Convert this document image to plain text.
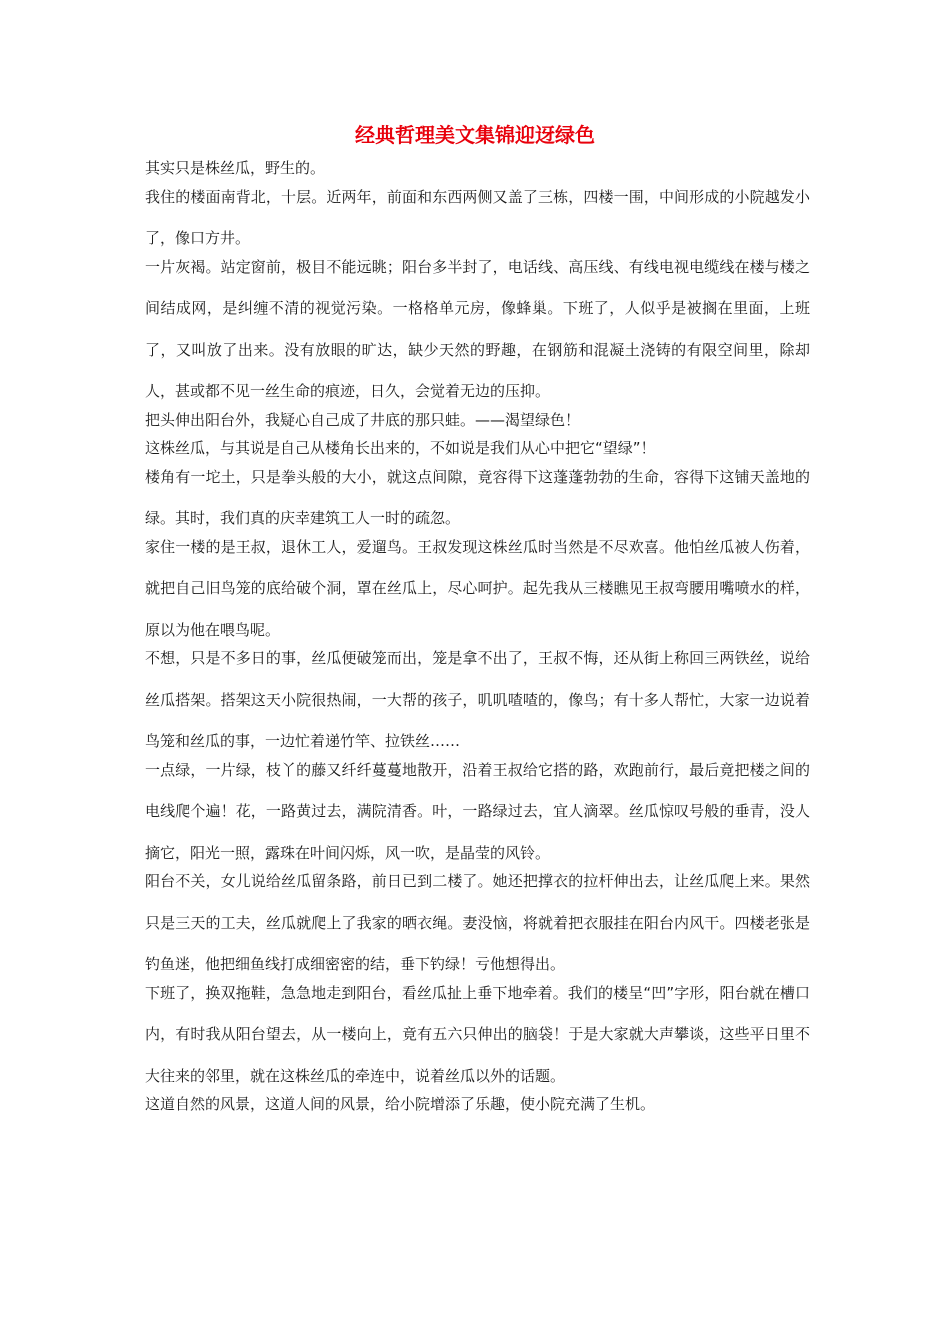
经典哲理美文集锦迎迓绿色

其实只是株丝瓜，野生的。

我住的楼面南背北，十层。近两年，前面和东西两侧又盖了三栋，四楼一围，中间形成的小院越发小了，像口方井。

一片灰褐。站定窗前，极目不能远眺；阳台多半封了，电话线、高压线、有线电视电缆线在楼与楼之间结成网，是纠缠不清的视觉污染。一格格单元房，像蜂巢。下班了，人似乎是被搁在里面，上班了，又叫放了出来。没有放眼的旷达，缺少天然的野趣，在钢筋和混凝土浇铸的有限空间里，除却人，甚或都不见一丝生命的痕迹，日久，会觉着无边的压抑。

把头伸出阳台外，我疑心自己成了井底的那只蛙。——渴望绿色！

这株丝瓜，与其说是自己从楼角长出来的，不如说是我们从心中把它“望绿”！

楼角有一坨土，只是拳头般的大小，就这点间隙，竟容得下这蓬蓬勃勃的生命，容得下这铺天盖地的绿。其时，我们真的庆幸建筑工人一时的疏忽。

家住一楼的是王叔，退休工人，爱遛鸟。王叔发现这株丝瓜时当然是不尽欢喜。他怕丝瓜被人伤着，就把自己旧鸟笼的底给破个洞，罩在丝瓜上，尽心呵护。起先我从三楼瞧见王叔弯腰用嘴喷水的样，原以为他在喂鸟呢。

不想，只是不多日的事，丝瓜便破笼而出，笼是拿不出了，王叔不悔，还从街上称回三两铁丝，说给丝瓜搭架。搭架这天小院很热闹，一大帮的孩子，叽叽喳喳的，像鸟；有十多人帮忙，大家一边说着鸟笼和丝瓜的事，一边忙着递竹竿、拉铁丝……

一点绿，一片绿，枝丫的藤又纤纤蔓蔓地散开，沿着王叔给它搭的路，欢跑前行，最后竟把楼之间的电线爬个遍！花，一路黄过去，满院清香。叶，一路绿过去，宜人滴翠。丝瓜惊叹号般的垂青，没人摘它，阳光一照，露珠在叶间闪烁，风一吹，是晶莹的风铃。

阳台不关，女儿说给丝瓜留条路，前日已到二楼了。她还把撑衣的拉杆伸出去，让丝瓜爬上来。果然只是三天的工夫，丝瓜就爬上了我家的晒衣绳。妻没恼，将就着把衣服挂在阳台内风干。四楼老张是钓鱼迷，他把细鱼线打成细密密的结，垂下钓绿！亏他想得出。

下班了，换双拖鞋，急急地走到阳台，看丝瓜扯上垂下地牵着。我们的楼呈“凹”字形，阳台就在槽口内，有时我从阳台望去，从一楼向上，竟有五六只伸出的脑袋！于是大家就大声攀谈，这些平日里不大往来的邻里，就在这株丝瓜的牵连中，说着丝瓜以外的话题。

这道自然的风景，这道人间的风景，给小院增添了乐趣，使小院充满了生机。
